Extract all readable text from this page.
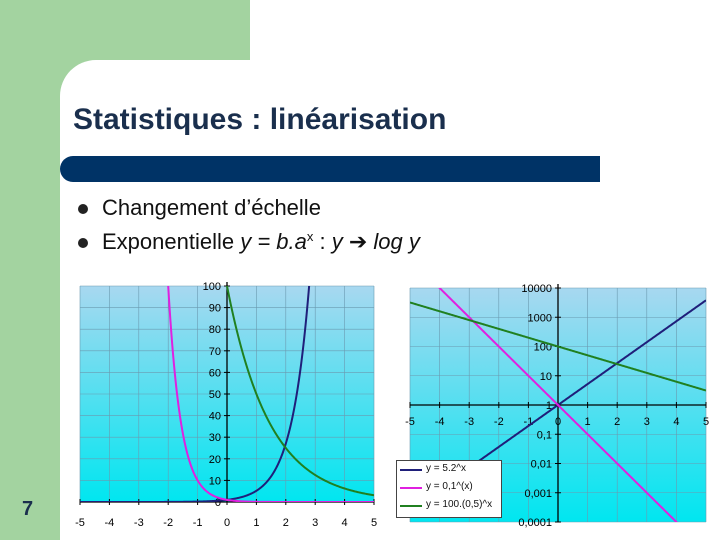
Statistiques : linéarisation
Changement d’échelle
Exponentielle $y = b.a^x$ : y ➔ log y
7	0
10
20
30
40
50
60
70
80
90
100
-5 -4 -3 -2 -1 0 1 2 3 4 5	0,0001
0,001
0,01
0,1
1
10
100
1000
10000
-5 -4 -3 -2 -1 0 1 2 3 4 5
y = 5.2^x
y = 0,1^(x)
y = 100.(0,5)^x
